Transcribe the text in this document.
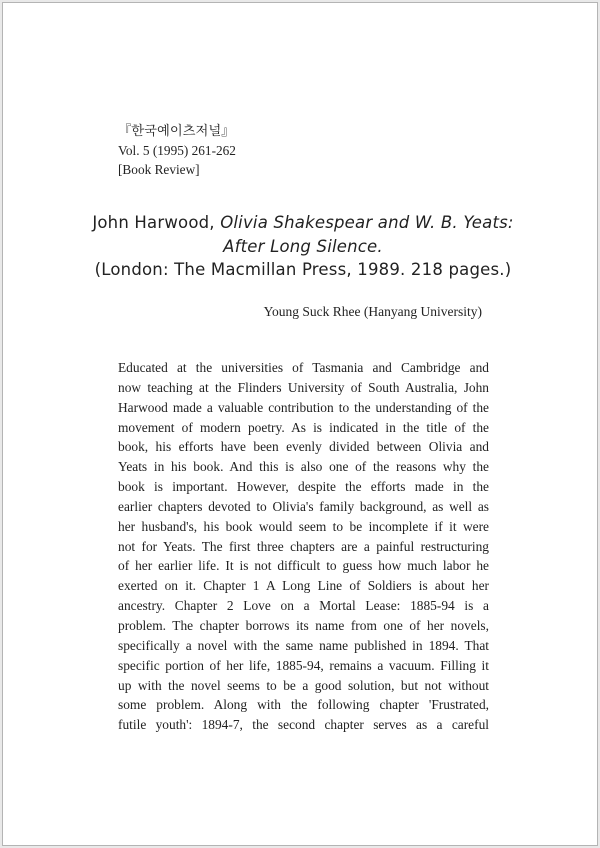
『한국예이츠저널』
Vol. 5 (1995) 261-262
[Book Review]
John Harwood, Olivia Shakespear and W. B. Yeats:
After Long Silence.
(London: The Macmillan Press, 1989. 218 pages.)
Young Suck Rhee (Hanyang University)
Educated at the universities of Tasmania and Cambridge and
now teaching at the Flinders University of South Australia, John
Harwood made a valuable contribution to the understanding of the
movement of modern poetry. As is indicated in the title of the
book, his efforts have been evenly divided between Olivia and
Yeats in his book. And this is also one of the reasons why the
book is important. However, despite the efforts made in the
earlier chapters devoted to Olivia's family background, as well as
her husband's, his book would seem to be incomplete if it were
not for Yeats. The first three chapters are a painful restructuring
of her earlier life. It is not difficult to guess how much labor he
exerted on it. Chapter 1 A Long Line of Soldiers is about her
ancestry. Chapter 2 Love on a Mortal Lease: 1885-94 is a
problem. The chapter borrows its name from one of her novels,
specifically a novel with the same name published in 1894. That
specific portion of her life, 1885-94, remains a vacuum. Filling it
up with the novel seems to be a good solution, but not without
some problem. Along with the following chapter 'Frustrated,
futile youth': 1894-7, the second chapter serves as a careful
